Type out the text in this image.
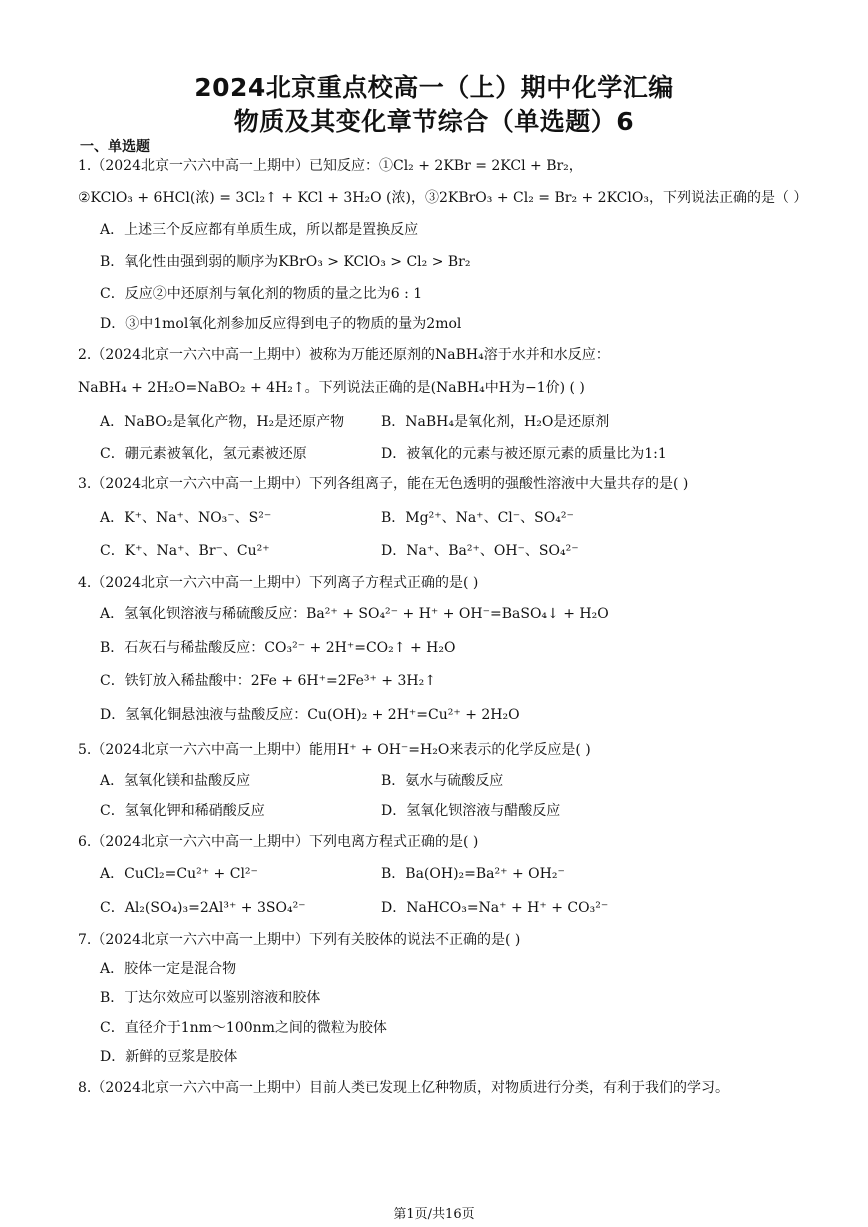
2024北京重点校高一（上）期中化学汇编
物质及其变化章节综合（单选题）6
一、单选题
1.（2024北京一六六中高一上期中）已知反应：①Cl₂ + 2KBr = 2KCl + Br₂，
②KClO₃ + 6HCl(浓) = 3Cl₂↑ + KCl + 3H₂O (浓)，③2KBrO₃ + Cl₂ = Br₂ + 2KClO₃，下列说法正确的是（ ）
A．上述三个反应都有单质生成，所以都是置换反应
B．氧化性由强到弱的顺序为KBrO₃ > KClO₃ > Cl₂ > Br₂
C．反应②中还原剂与氧化剂的物质的量之比为6 : 1
D．③中1mol氧化剂参加反应得到电子的物质的量为2mol
2.（2024北京一六六中高一上期中）被称为万能还原剂的NaBH₄溶于水并和水反应：
NaBH₄ + 2H₂O=NaBO₂ + 4H₂↑。下列说法正确的是(NaBH₄中H为−1价) ( )
A．NaBO₂是氧化产物，H₂是还原产物	B．NaBH₄是氧化剂，H₂O是还原剂
C．硼元素被氧化，氢元素被还原	D．被氧化的元素与被还原元素的质量比为1:1
3.（2024北京一六六中高一上期中）下列各组离子，能在无色透明的强酸性溶液中大量共存的是( )
A．K⁺、Na⁺、NO₃⁻、S²⁻	B．Mg²⁺、Na⁺、Cl⁻、SO₄²⁻
C．K⁺、Na⁺、Br⁻、Cu²⁺	D．Na⁺、Ba²⁺、OH⁻、SO₄²⁻
4.（2024北京一六六中高一上期中）下列离子方程式正确的是( )
A．氢氧化钡溶液与稀硫酸反应：Ba²⁺ + SO₄²⁻ + H⁺ + OH⁻=BaSO₄↓ + H₂O
B．石灰石与稀盐酸反应：CO₃²⁻ + 2H⁺=CO₂↑ + H₂O
C．铁钉放入稀盐酸中：2Fe + 6H⁺=2Fe³⁺ + 3H₂↑
D．氢氧化铜悬浊液与盐酸反应：Cu(OH)₂ + 2H⁺=Cu²⁺ + 2H₂O
5.（2024北京一六六中高一上期中）能用H⁺ + OH⁻=H₂O来表示的化学反应是( )
A．氢氧化镁和盐酸反应	B．氨水与硫酸反应
C．氢氧化钾和稀硝酸反应	D．氢氧化钡溶液与醋酸反应
6.（2024北京一六六中高一上期中）下列电离方程式正确的是( )
A．CuCl₂=Cu²⁺ + Cl²⁻	B．Ba(OH)₂=Ba²⁺ + OH₂⁻
C．Al₂(SO₄)₃=2Al³⁺ + 3SO₄²⁻	D．NaHCO₃=Na⁺ + H⁺ + CO₃²⁻
7.（2024北京一六六中高一上期中）下列有关胶体的说法不正确的是( )
A．胶体一定是混合物
B．丁达尔效应可以鉴别溶液和胶体
C．直径介于1nm～100nm之间的微粒为胶体
D．新鲜的豆浆是胶体
8.（2024北京一六六中高一上期中）目前人类已发现上亿种物质，对物质进行分类，有利于我们的学习。
第1页/共16页
